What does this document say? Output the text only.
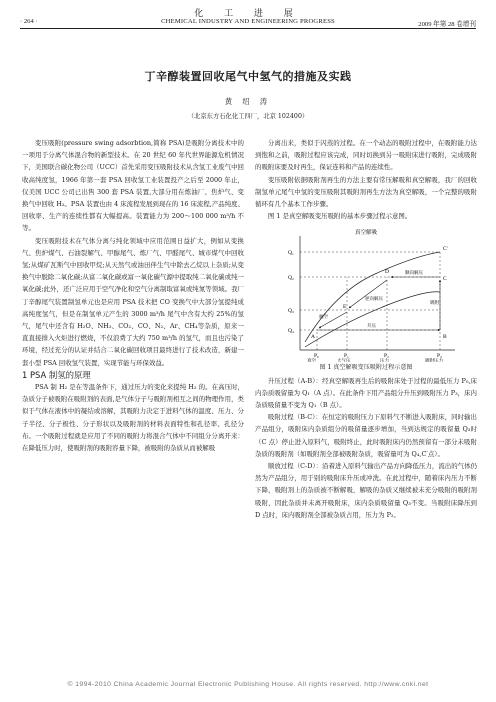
化 工 进 展
· 264 ·	CHEMICAL INDUSTRY AND ENGINEERING PROGRESS	2009 年第 28 卷增刊
丁辛醇装置回收尾气中氢气的措施及实践
黄 绍 涛
（北京东方石化化工四厂，北京 102400）

变压吸附(pressure swing adsorbtion,简称 PSA)是吸附分离技术中的一项用于分离气体混合物的新型技术。在 20 世纪 60 年代世界能源危机情况下，美国联合碳化物公司（UCC）首先采用变压吸附技术从含氢工业废气中回收高纯度氢，1966 年第一套 PSA 回收氢工业装置投产之后至 2000 年止，仅美国 UCC 公司已出售 300 套 PSA 装置,大部分用在炼油厂、焦炉气、变换气中回收 H₂。PSA 装置也由 4 床流程发展到现在的 16 床流程,产品纯度、回收率、生产的连续性都有大幅提高。装置能力为 200～100 000 m³/h 不等。

变压吸附技术在气体分离与纯化领域中应用范围日益扩大，例如从变换气、焦炉煤气、石油裂解气、甲醇尾气、炼厂气、甲醛尾气、城市煤气中回收氢;从煤矿瓦斯气中回收甲烷;从天然气或油田伴生气中除去乙烷以上杂质;从变换气中脱除二氧化碳;从富二氧化碳或富一氧化碳气源中提取纯二氧化碳或纯一氧化碳;此外，还广泛应用于空气净化和空气分离制取富氧或纯氮等领域。我厂丁辛醇尾气装置制氢单元也是应用 PSA 技术把 CO 变换气中大部分氢提纯成高纯度氢气，但是在制氢单元产生的 3000 m³/h 尾气中含有大约 25%的氢气，尾气中还含有 H₂O、NH₃、CO₂、CO、N₂、Ar、CH₄等杂质，原来一直直接排入火炬进行燃烧，不仅浪费了大约 750 m³/h 的氢气，而且也污染了环境，经过充分的认证并结合二氧化碳回收项目最终进行了技术改造，新建一套小型 PSA 回收氢气装置，实现节能与环保效益。

1 PSA 制氢的原理

PSA 制 H₂ 是在等温条件下，通过压力的变化来提纯 H₂ 的。在高压时，杂质分子被吸附在吸附剂的表面,是气体分子与吸附剂相互之间的物理作用，类似于气体在液体中的凝结或溶解，其吸附力决定于进料气体的温度、压力、分子半径、分子极性、分子形状以及吸附剂的材料表面特性和孔径率、孔径分布。一个吸附过程就是应用了不同的吸附力将混合气体中不同组分分离开来：在降低压力时，使吸附剂的吸附容量下降，被吸附的杂质从而被解吸

分离出来，类似于闪蒸的过程。在一个动态的吸附过程中，在吸附能力达到饱和之前，吸附过程应该完成，同时切换到另一吸附床进行吸附，完成吸附的吸附床要及时再生，保证连料和产品的连续性。

变压吸附依据吸附剂再生的方法主要有常压解吸和真空解吸，我厂的回收制氢单元尾气中氢的变压吸附其吸附剂再生方法为真空解吸，一个完整的吸附循环有几个基本工作步骤。

图 1 是真空解吸变压吸附的基本步骤过程示意图。

真空解吸
Q₁
Q₂
Q₃
Q₄
P₀	P₁	P₂	P₃
真空	大气压	压力	吸附压力
A	B
C
C'
D
E
逆向解压
抽空
升压
顺向解压
吸附

图 1 真空解吸变压吸附过程示意图

升压过程（A-B）：经真空解吸再生后的吸附床处于过程的最低压力 P₀,床内杂质吸留量为 Q₁（A 点）。在此条件下用产品组分升压到吸附压力 P₃，床内杂质吸留量不变为 Q₁（B 点）。

吸附过程（B-C）：在恒定的吸附压力下原料气不断进入吸附床，同时输出产品组分，吸附床内杂质组分的吸留量逐步增加，当到达规定的吸留量 Q₃时（C 点）停止进入原料气，吸附终止，此时吸附床内仍然预留有一部分未吸附杂质的吸附剂（如吸附剂全部被吸附杂质，吸留量可为 Q₄,C′点）。

顺放过程（C-D）：沿着进入原料气输出产品方向降低压力，流出的气体仍然为产品组分，用于别的吸附床升压或冲洗。在此过程中，随着床内压力不断下降，吸附剂上的杂质被不断解吸，解吸的杂质又继续被未充分吸附的吸附剂吸附，因此杂质并未离开吸附床，床内杂质吸留量 Q₃不变。当吸附床降压到 D 点时，床内吸附剂全部被杂质占用，压力为 P₂。

© 1994-2010 China Academic Journal Electronic Publishing House. All rights reserved. http://www.cnki.net
